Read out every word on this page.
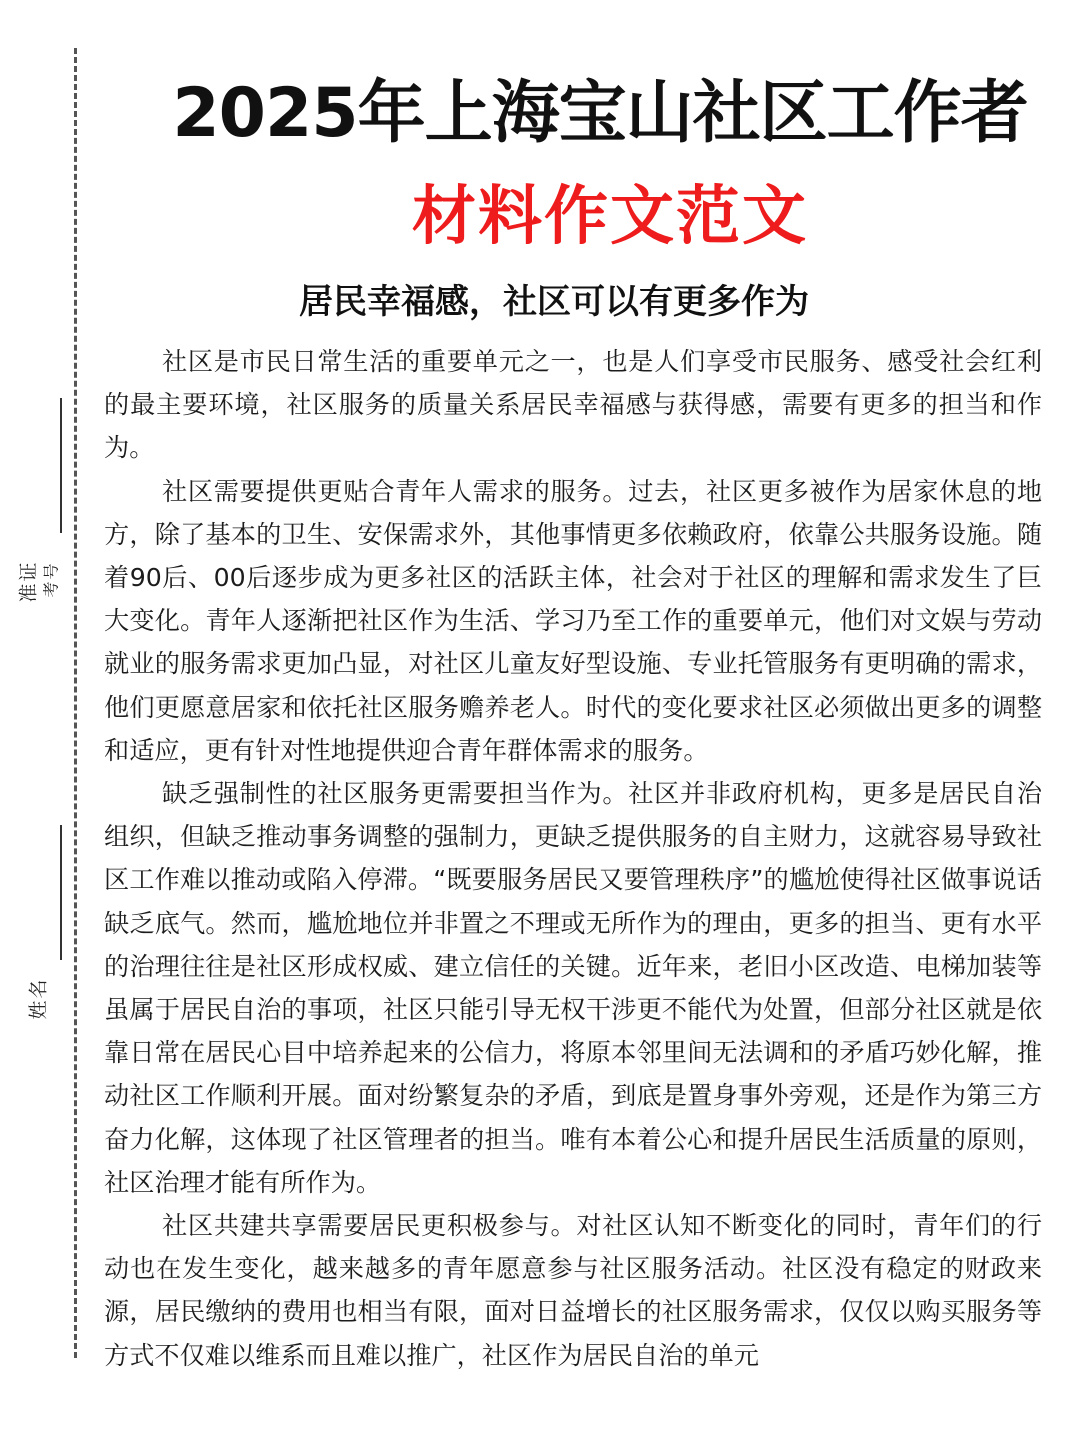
准证 考号
姓名
2025年上海宝山社区工作者
材料作文范文
居民幸福感，社区可以有更多作为

社区是市民日常生活的重要单元之一，也是人们享受市民服务、感受社会红利的最主要环境，社区服务的质量关系居民幸福感与获得感，需要有更多的担当和作为。

社区需要提供更贴合青年人需求的服务。过去，社区更多被作为居家休息的地方，除了基本的卫生、安保需求外，其他事情更多依赖政府，依靠公共服务设施。随着90后、00后逐步成为更多社区的活跃主体，社会对于社区的理解和需求发生了巨大变化。青年人逐渐把社区作为生活、学习乃至工作的重要单元，他们对文娱与劳动就业的服务需求更加凸显，对社区儿童友好型设施、专业托管服务有更明确的需求，他们更愿意居家和依托社区服务赡养老人。时代的变化要求社区必须做出更多的调整和适应，更有针对性地提供迎合青年群体需求的服务。

缺乏强制性的社区服务更需要担当作为。社区并非政府机构，更多是居民自治组织，但缺乏推动事务调整的强制力，更缺乏提供服务的自主财力，这就容易导致社区工作难以推动或陷入停滞。“既要服务居民又要管理秩序”的尴尬使得社区做事说话缺乏底气。然而，尴尬地位并非置之不理或无所作为的理由，更多的担当、更有水平的治理往往是社区形成权威、建立信任的关键。近年来，老旧小区改造、电梯加装等虽属于居民自治的事项，社区只能引导无权干涉更不能代为处置，但部分社区就是依靠日常在居民心目中培养起来的公信力，将原本邻里间无法调和的矛盾巧妙化解，推动社区工作顺利开展。面对纷繁复杂的矛盾，到底是置身事外旁观，还是作为第三方奋力化解，这体现了社区管理者的担当。唯有本着公心和提升居民生活质量的原则，社区治理才能有所作为。

社区共建共享需要居民更积极参与。对社区认知不断变化的同时，青年们的行动也在发生变化，越来越多的青年愿意参与社区服务活动。社区没有稳定的财政来源，居民缴纳的费用也相当有限，面对日益增长的社区服务需求，仅仅以购买服务等方式不仅难以维系而且难以推广，社区作为居民自治的单元
